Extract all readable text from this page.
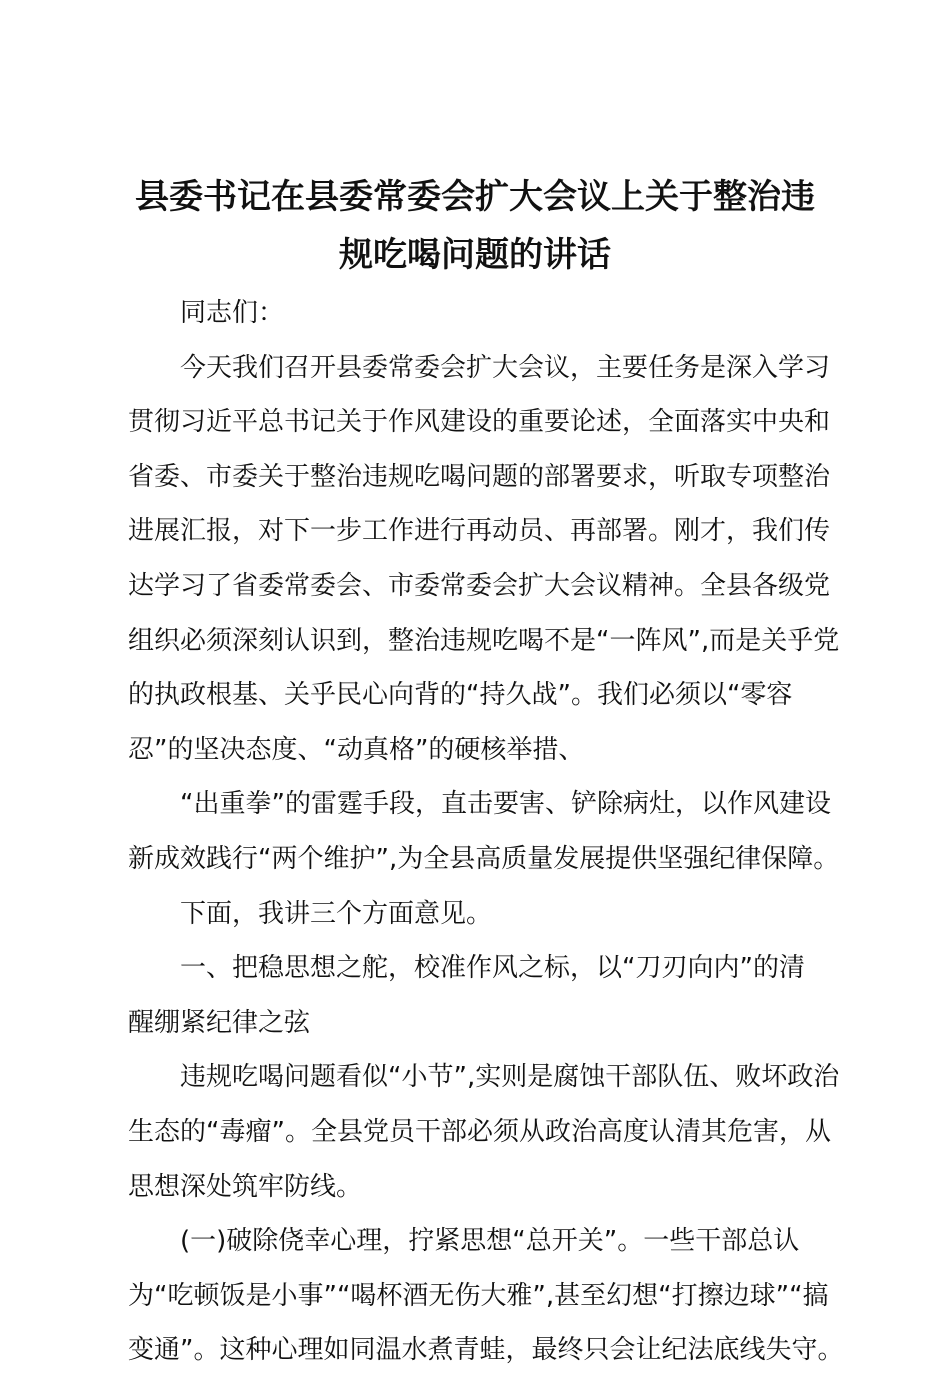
县委书记在县委常委会扩大会议上关于整治违
规吃喝问题的讲话
同志们：
今天我们召开县委常委会扩大会议，主要任务是深入学习
贯彻习近平总书记关于作风建设的重要论述，全面落实中央和
省委、市委关于整治违规吃喝问题的部署要求，听取专项整治
进展汇报，对下一步工作进行再动员、再部署。刚才，我们传
达学习了省委常委会、市委常委会扩大会议精神。全县各级党
组织必须深刻认识到，整治违规吃喝不是“一阵风”,而是关乎党
的执政根基、关乎民心向背的“持久战”。我们必须以“零容
忍”的坚决态度、“动真格”的硬核举措、
“出重拳”的雷霆手段，直击要害、铲除病灶，以作风建设
新成效践行“两个维护”,为全县高质量发展提供坚强纪律保障。
下面，我讲三个方面意见。
一、把稳思想之舵，校准作风之标，以“刀刃向内”的清
醒绷紧纪律之弦
违规吃喝问题看似“小节”,实则是腐蚀干部队伍、败坏政治
生态的“毒瘤”。全县党员干部必须从政治高度认清其危害，从
思想深处筑牢防线。
(一)破除侥幸心理，拧紧思想“总开关”。一些干部总认
为“吃顿饭是小事”“喝杯酒无伤大雅”,甚至幻想“打擦边球”“搞
变通”。这种心理如同温水煮青蛙，最终只会让纪法底线失守。
